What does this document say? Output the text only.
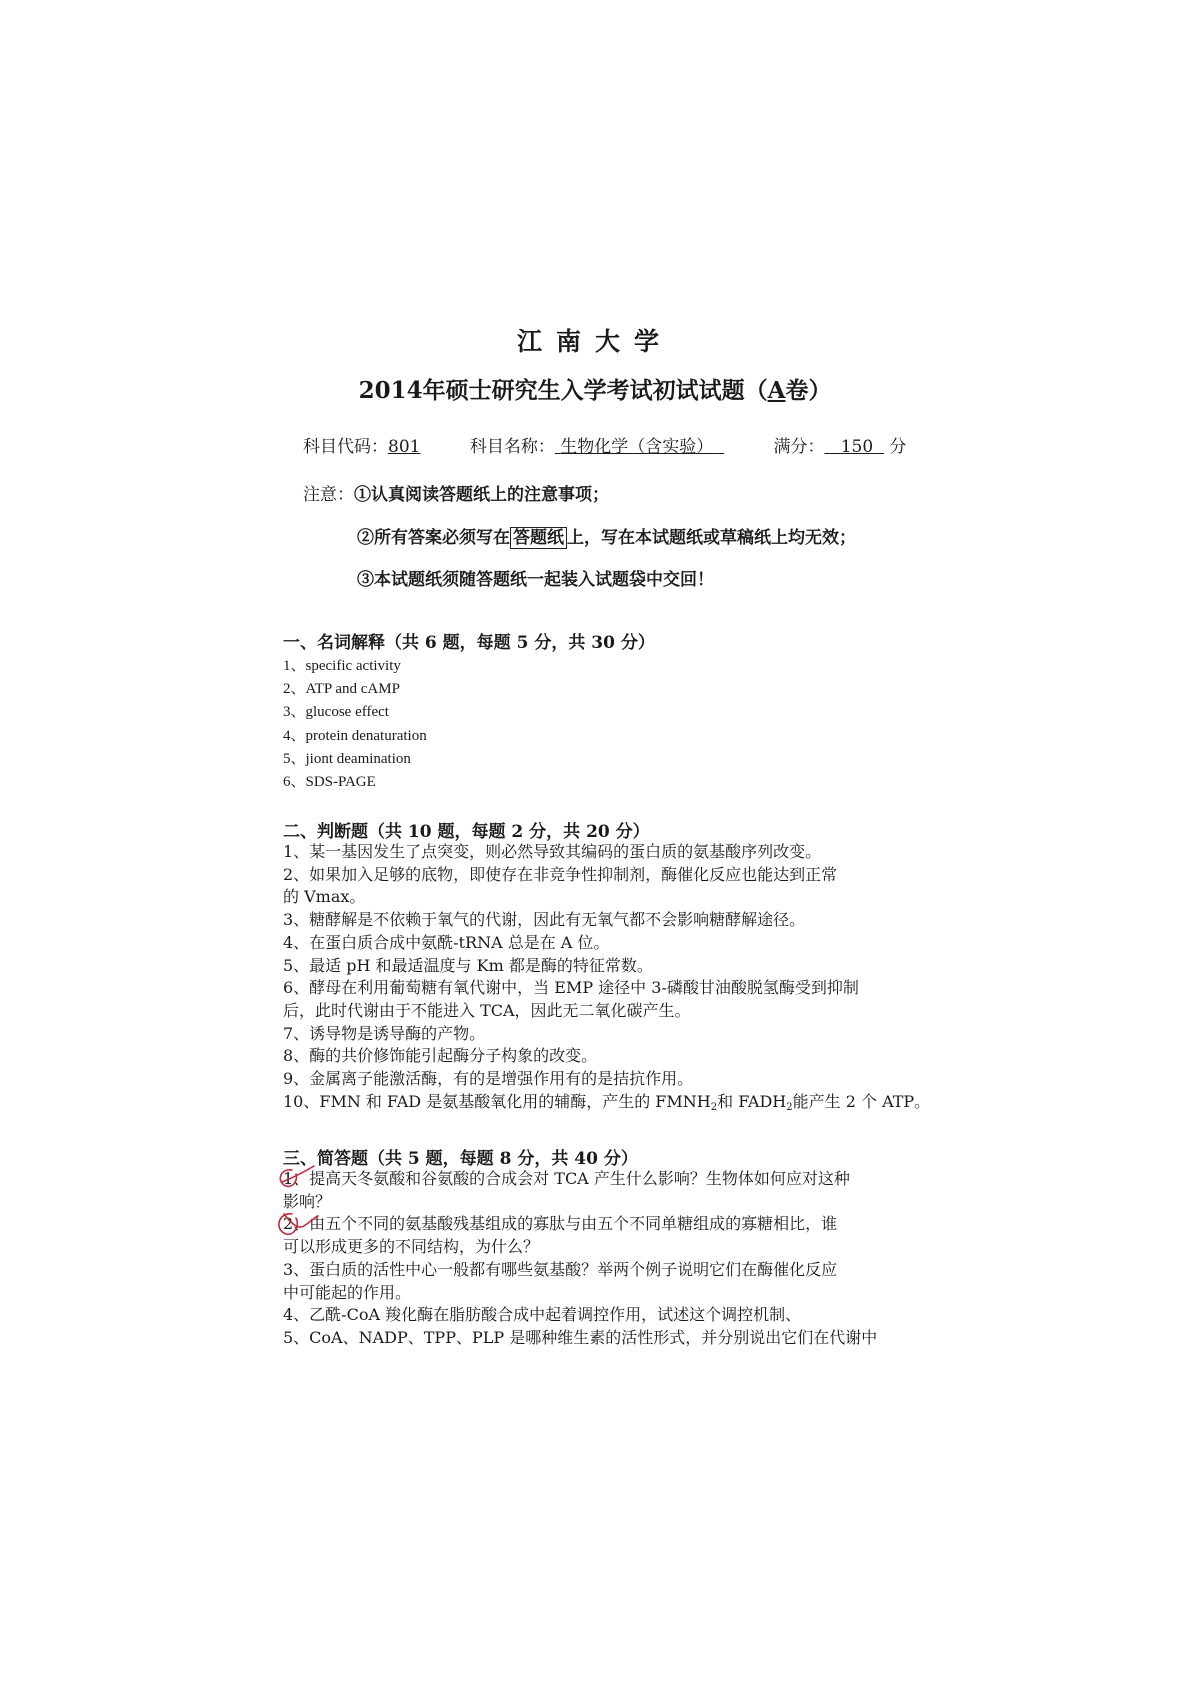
江南大学
2014年硕士研究生入学考试初试试题（A卷）
科目代码：801	科目名称： 生物化学（含实验）	满分： 150 分
注意：①认真阅读答题纸上的注意事项；
②所有答案必须写在 答题纸 上，写在本试题纸或草稿纸上均无效；
③本试题纸须随答题纸一起装入试题袋中交回！
一、名词解释（共 6 题，每题 5 分，共 30 分）
1、specific activity
2、ATP and cAMP
3、glucose effect
4、protein denaturation
5、jiont deamination
6、SDS-PAGE
二、判断题（共 10 题，每题 2 分，共 20 分）
1、某一基因发生了点突变，则必然导致其编码的蛋白质的氨基酸序列改变。
2、如果加入足够的底物，即使存在非竞争性抑制剂，酶催化反应也能达到正常
的 Vmax。
3、糖酵解是不依赖于氧气的代谢，因此有无氧气都不会影响糖酵解途径。
4、在蛋白质合成中氨酰-tRNA 总是在 A 位。
5、最适 pH 和最适温度与 Km 都是酶的特征常数。
6、酵母在利用葡萄糖有氧代谢中，当 EMP 途径中 3-磷酸甘油酸脱氢酶受到抑制
后，此时代谢由于不能进入 TCA，因此无二氧化碳产生。
7、诱导物是诱导酶的产物。
8、酶的共价修饰能引起酶分子构象的改变。
9、金属离子能激活酶，有的是增强作用有的是拮抗作用。
10、FMN 和 FAD 是氨基酸氧化用的辅酶，产生的 $FMNH_2$和 $FADH_2$能产生 2 个 ATP。
三、简答题（共 5 题，每题 8 分，共 40 分）
1、提高天冬氨酸和谷氨酸的合成会对 TCA 产生什么影响？生物体如何应对这种
影响？
2、由五个不同的氨基酸残基组成的寡肽与由五个不同单糖组成的寡糖相比，谁
可以形成更多的不同结构，为什么？
3、蛋白质的活性中心一般都有哪些氨基酸？举两个例子说明它们在酶催化反应
中可能起的作用。
4、乙酰-CoA 羧化酶在脂肪酸合成中起着调控作用，试述这个调控机制、
5、CoA、NADP、TPP、PLP 是哪种维生素的活性形式，并分别说出它们在代谢中
